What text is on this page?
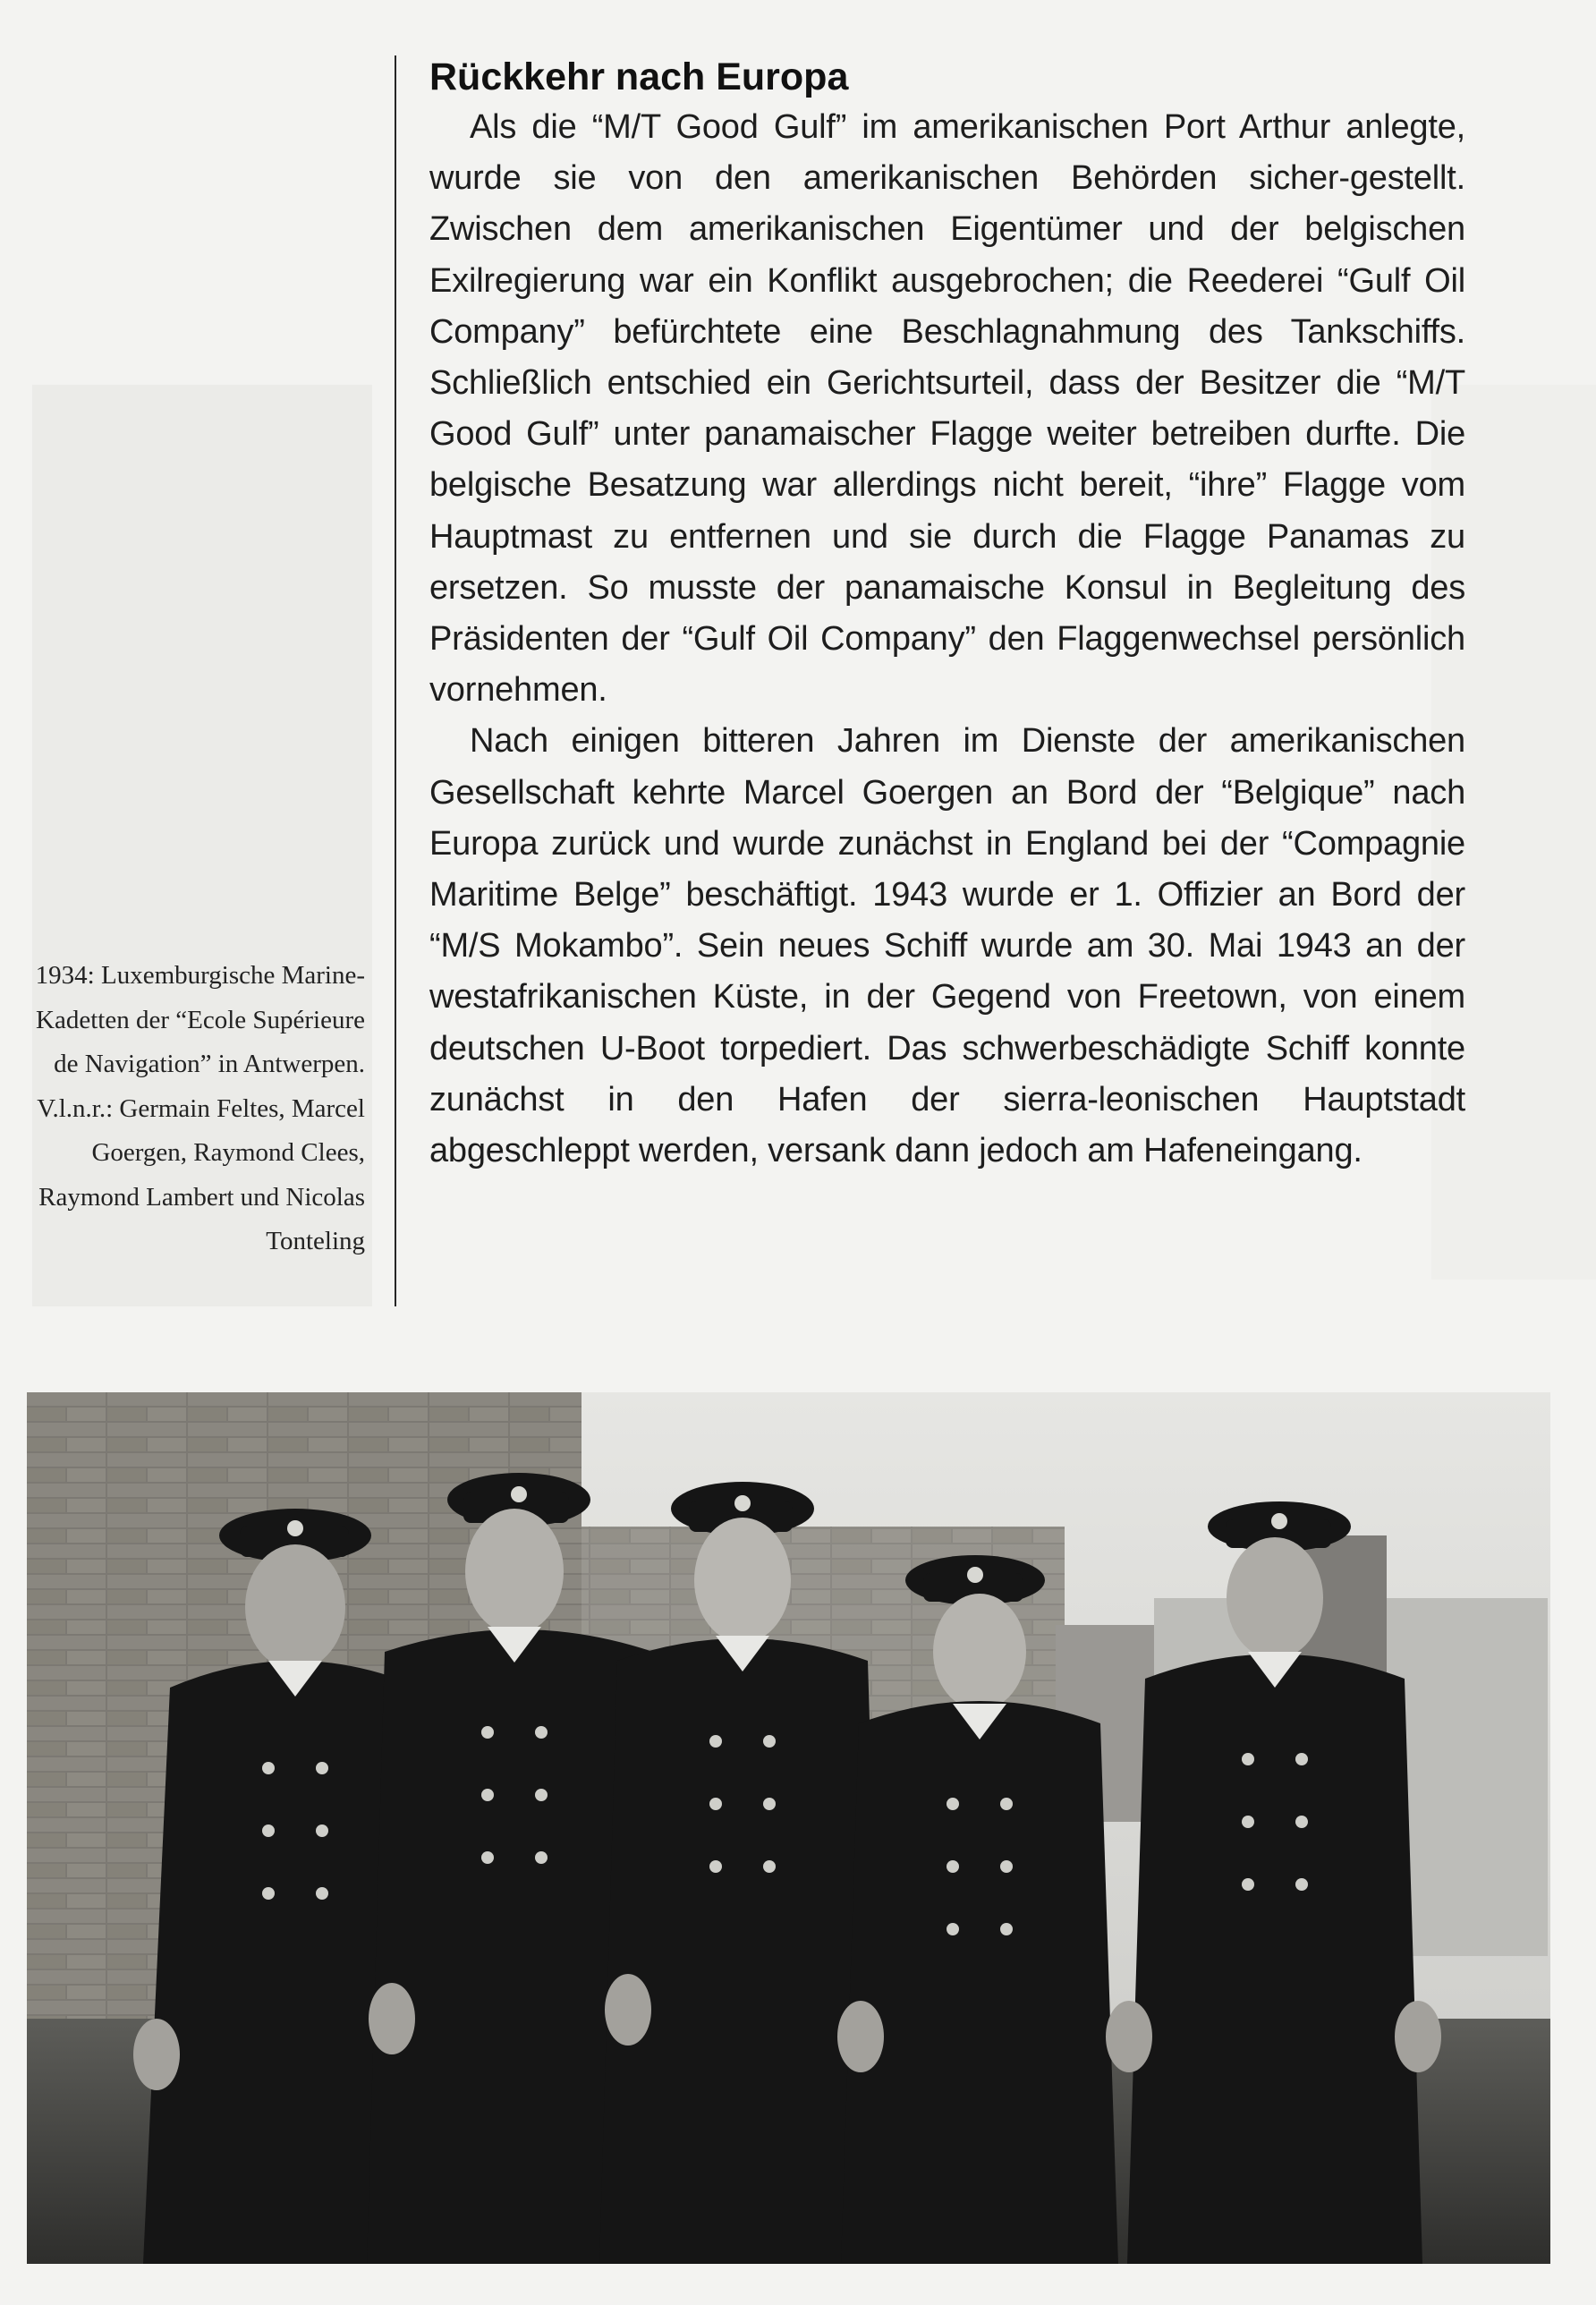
1934: Luxemburgische Marine-Kadetten der “Ecole Supérieure de Navigation” in Antwerpen. V.l.n.r.: Germain Feltes, Marcel Goergen, Raymond Clees, Raymond Lambert und Nicolas Tonteling
Rückkehr nach Europa

Als die “M/T Good Gulf” im amerikanischen Port Arthur anlegte, wurde sie von den amerikanischen Behörden sicher-gestellt. Zwischen dem amerikanischen Eigentümer und der belgischen Exilregierung war ein Konflikt ausgebrochen; die Reederei “Gulf Oil Company” befürchtete eine Beschlagnahmung des Tankschiffs. Schließlich entschied ein Gerichtsurteil, dass der Besitzer die “M/T Good Gulf” unter panamaischer Flagge weiter betreiben durfte. Die belgische Besatzung war allerdings nicht bereit, “ihre” Flagge vom Hauptmast zu entfernen und sie durch die Flagge Panamas zu ersetzen. So musste der panamaische Konsul in Begleitung des Präsidenten der “Gulf Oil Company” den Flaggenwechsel persönlich vornehmen.

Nach einigen bitteren Jahren im Dienste der amerikanischen Gesellschaft kehrte Marcel Goergen an Bord der “Belgique” nach Europa zurück und wurde zunächst in England bei der “Compagnie Maritime Belge” beschäftigt. 1943 wurde er 1. Offizier an Bord der “M/S Mokambo”. Sein neues Schiff wurde am 30. Mai 1943 an der westafrikanischen Küste, in der Gegend von Freetown, von einem deutschen U-Boot torpediert. Das schwerbeschädigte Schiff konnte zunächst in den Hafen der sierra-leonischen Hauptstadt abgeschleppt werden, versank dann jedoch am Hafeneingang.
